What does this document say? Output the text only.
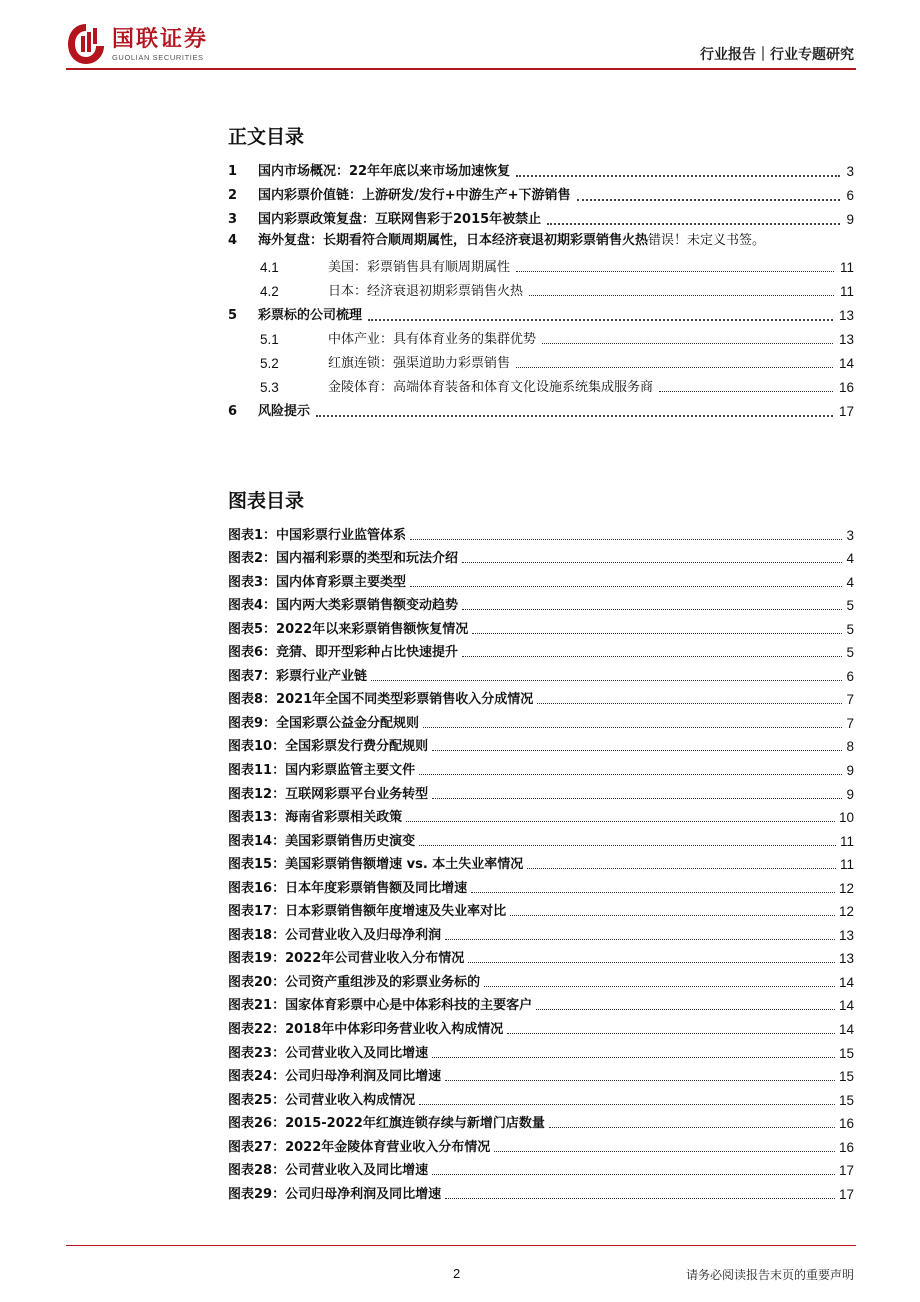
国联证券
GUOLIAN SECURITIES	行业报告｜行业专题研究
正文目录
1	国内市场概况：22年年底以来市场加速恢复	3
2	国内彩票价值链：上游研发/发行+中游生产+下游销售	6
3	国内彩票政策复盘：互联网售彩于2015年被禁止	9
4 海外复盘：长期看符合顺周期属性，日本经济衰退初期彩票销售火热错误！未定义书签。
4.1	美国：彩票销售具有顺周期属性	11
4.2	日本：经济衰退初期彩票销售火热	11
5	彩票标的公司梳理	13
5.1	中体产业：具有体育业务的集群优势	13
5.2	红旗连锁：强渠道助力彩票销售	14
5.3	金陵体育：高端体育装备和体育文化设施系统集成服务商	16
6	风险提示	17
图表目录
图表1：中国彩票行业监管体系	3
图表2：国内福利彩票的类型和玩法介绍	4
图表3：国内体育彩票主要类型	4
图表4：国内两大类彩票销售额变动趋势	5
图表5：2022年以来彩票销售额恢复情况	5
图表6：竞猜、即开型彩种占比快速提升	5
图表7：彩票行业产业链	6
图表8：2021年全国不同类型彩票销售收入分成情况	7
图表9：全国彩票公益金分配规则	7
图表10：全国彩票发行费分配规则	8
图表11：国内彩票监管主要文件	9
图表12：互联网彩票平台业务转型	9
图表13：海南省彩票相关政策	10
图表14：美国彩票销售历史演变	11
图表15：美国彩票销售额增速 vs. 本土失业率情况	11
图表16：日本年度彩票销售额及同比增速	12
图表17：日本彩票销售额年度增速及失业率对比	12
图表18：公司营业收入及归母净利润	13
图表19：2022年公司营业收入分布情况	13
图表20：公司资产重组涉及的彩票业务标的	14
图表21：国家体育彩票中心是中体彩科技的主要客户	14
图表22：2018年中体彩印务营业收入构成情况	14
图表23：公司营业收入及同比增速	15
图表24：公司归母净利润及同比增速	15
图表25：公司营业收入构成情况	15
图表26：2015-2022年红旗连锁存续与新增门店数量	16
图表27：2022年金陵体育营业收入分布情况	16
图表28：公司营业收入及同比增速	17
图表29：公司归母净利润及同比增速	17
2	请务必阅读报告末页的重要声明
